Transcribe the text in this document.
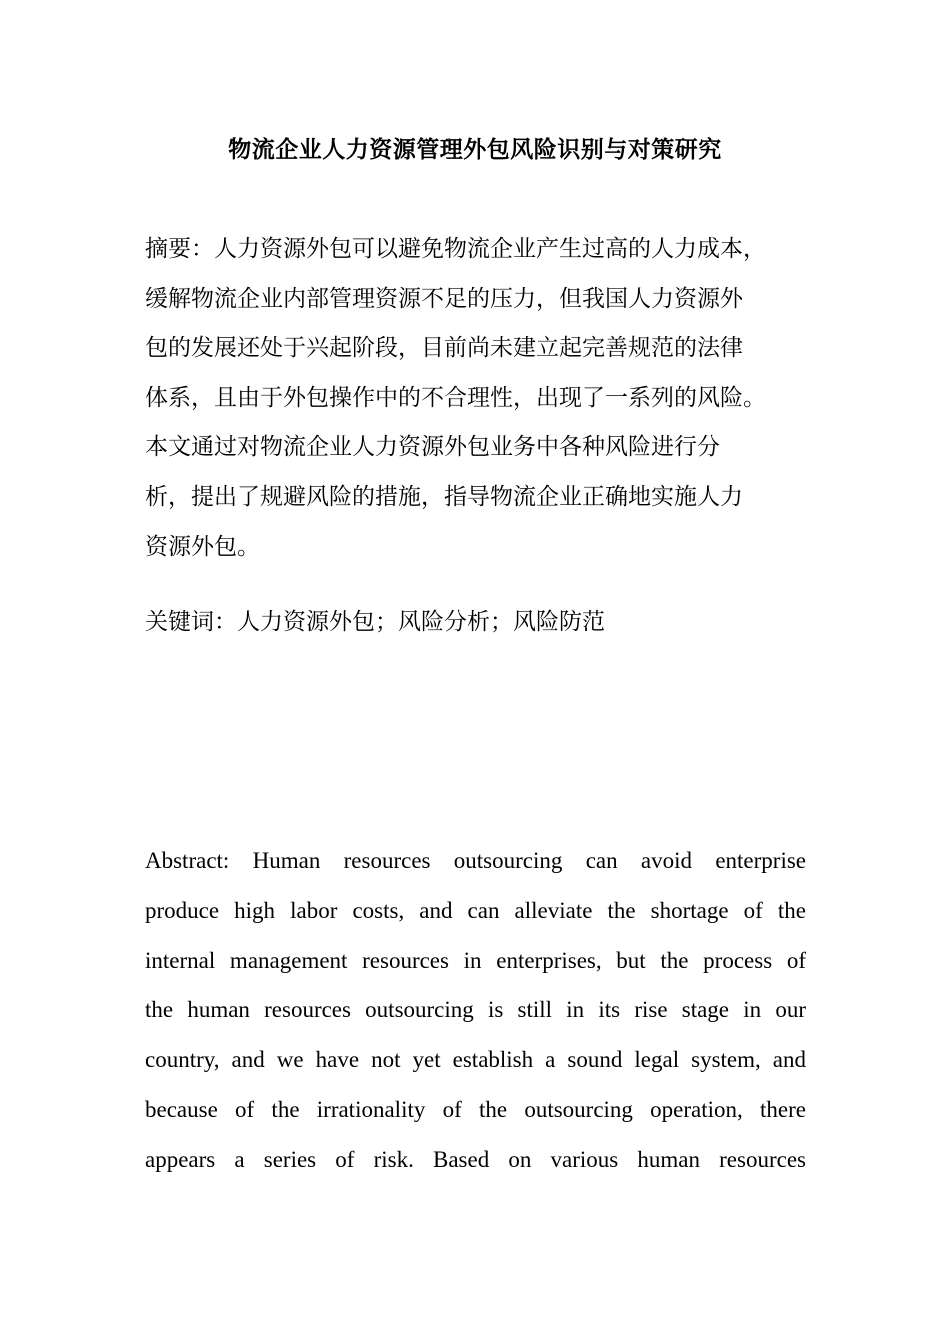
物流企业人力资源管理外包风险识别与对策研究
摘要：人力资源外包可以避免物流企业产生过高的人力成本，
缓解物流企业内部管理资源不足的压力，但我国人力资源外
包的发展还处于兴起阶段，目前尚未建立起完善规范的法律
体系，且由于外包操作中的不合理性，出现了一系列的风险。
本文通过对物流企业人力资源外包业务中各种风险进行分
析，提出了规避风险的措施，指导物流企业正确地实施人力
资源外包。
关键词：人力资源外包；风险分析；风险防范
Abstract: Human resources outsourcing can avoid enterprise
produce high labor costs, and can alleviate the shortage of the
internal management resources in enterprises, but the process of
the human resources outsourcing is still in its rise stage in our
country, and we have not yet establish a sound legal system, and
because of the irrationality of the outsourcing operation, there
appears a series of risk. Based on various human resources
